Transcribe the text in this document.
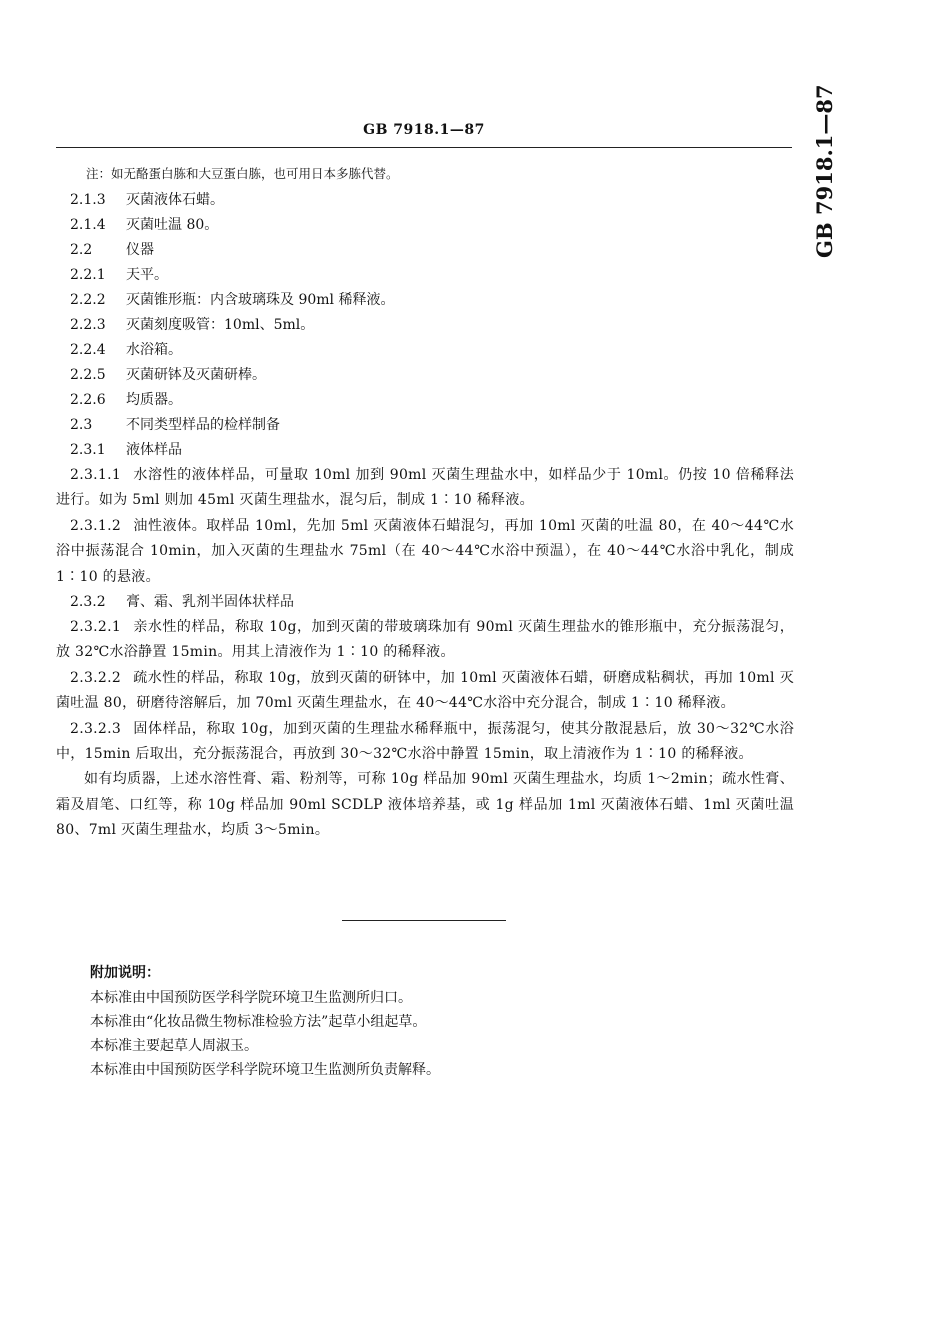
GB 7918.1—87	GB 7918.1—87
注：如无酪蛋白胨和大豆蛋白胨，也可用日本多胨代替。
2.1.3 灭菌液体石蜡。
2.1.4 灭菌吐温 80。
2.2 仪器
2.2.1 天平。
2.2.2 灭菌锥形瓶：内含玻璃珠及 90ml 稀释液。
2.2.3 灭菌刻度吸管：10ml、5ml。
2.2.4 水浴箱。
2.2.5 灭菌研钵及灭菌研棒。
2.2.6 均质器。
2.3 不同类型样品的检样制备
2.3.1 液体样品

2.3.1.1 水溶性的液体样品，可量取 10ml 加到 90ml 灭菌生理盐水中，如样品少于 10ml。仍按 10 倍稀释法进行。如为 5ml 则加 45ml 灭菌生理盐水，混匀后，制成 1∶10 稀释液。

2.3.1.2 油性液体。取样品 10ml，先加 5ml 灭菌液体石蜡混匀，再加 10ml 灭菌的吐温 80，在 40～44℃水浴中振荡混合 10min，加入灭菌的生理盐水 75ml（在 40～44℃水浴中预温），在 40～44℃水浴中乳化，制成 1∶10 的悬液。

2.3.2 膏、霜、乳剂半固体状样品

2.3.2.1 亲水性的样品，称取 10g，加到灭菌的带玻璃珠加有 90ml 灭菌生理盐水的锥形瓶中，充分振荡混匀，放 32℃水浴静置 15min。用其上清液作为 1∶10 的稀释液。

2.3.2.2 疏水性的样品，称取 10g，放到灭菌的研钵中，加 10ml 灭菌液体石蜡，研磨成粘稠状，再加 10ml 灭菌吐温 80，研磨待溶解后，加 70ml 灭菌生理盐水，在 40～44℃水浴中充分混合，制成 1∶10 稀释液。

2.3.2.3 固体样品，称取 10g，加到灭菌的生理盐水稀释瓶中，振荡混匀，使其分散混悬后，放 30～32℃水浴中，15min 后取出，充分振荡混合，再放到 30～32℃水浴中静置 15min，取上清液作为 1∶10 的稀释液。

如有均质器，上述水溶性膏、霜、粉剂等，可称 10g 样品加 90ml 灭菌生理盐水，均质 1～2min；疏水性膏、霜及眉笔、口红等，称 10g 样品加 90ml SCDLP 液体培养基，或 1g 样品加 1ml 灭菌液体石蜡、1ml 灭菌吐温 80、7ml 灭菌生理盐水，均质 3～5min。

附加说明：
本标准由中国预防医学科学院环境卫生监测所归口。
本标准由“化妆品微生物标准检验方法”起草小组起草。
本标准主要起草人周淑玉。
本标准由中国预防医学科学院环境卫生监测所负责解释。
